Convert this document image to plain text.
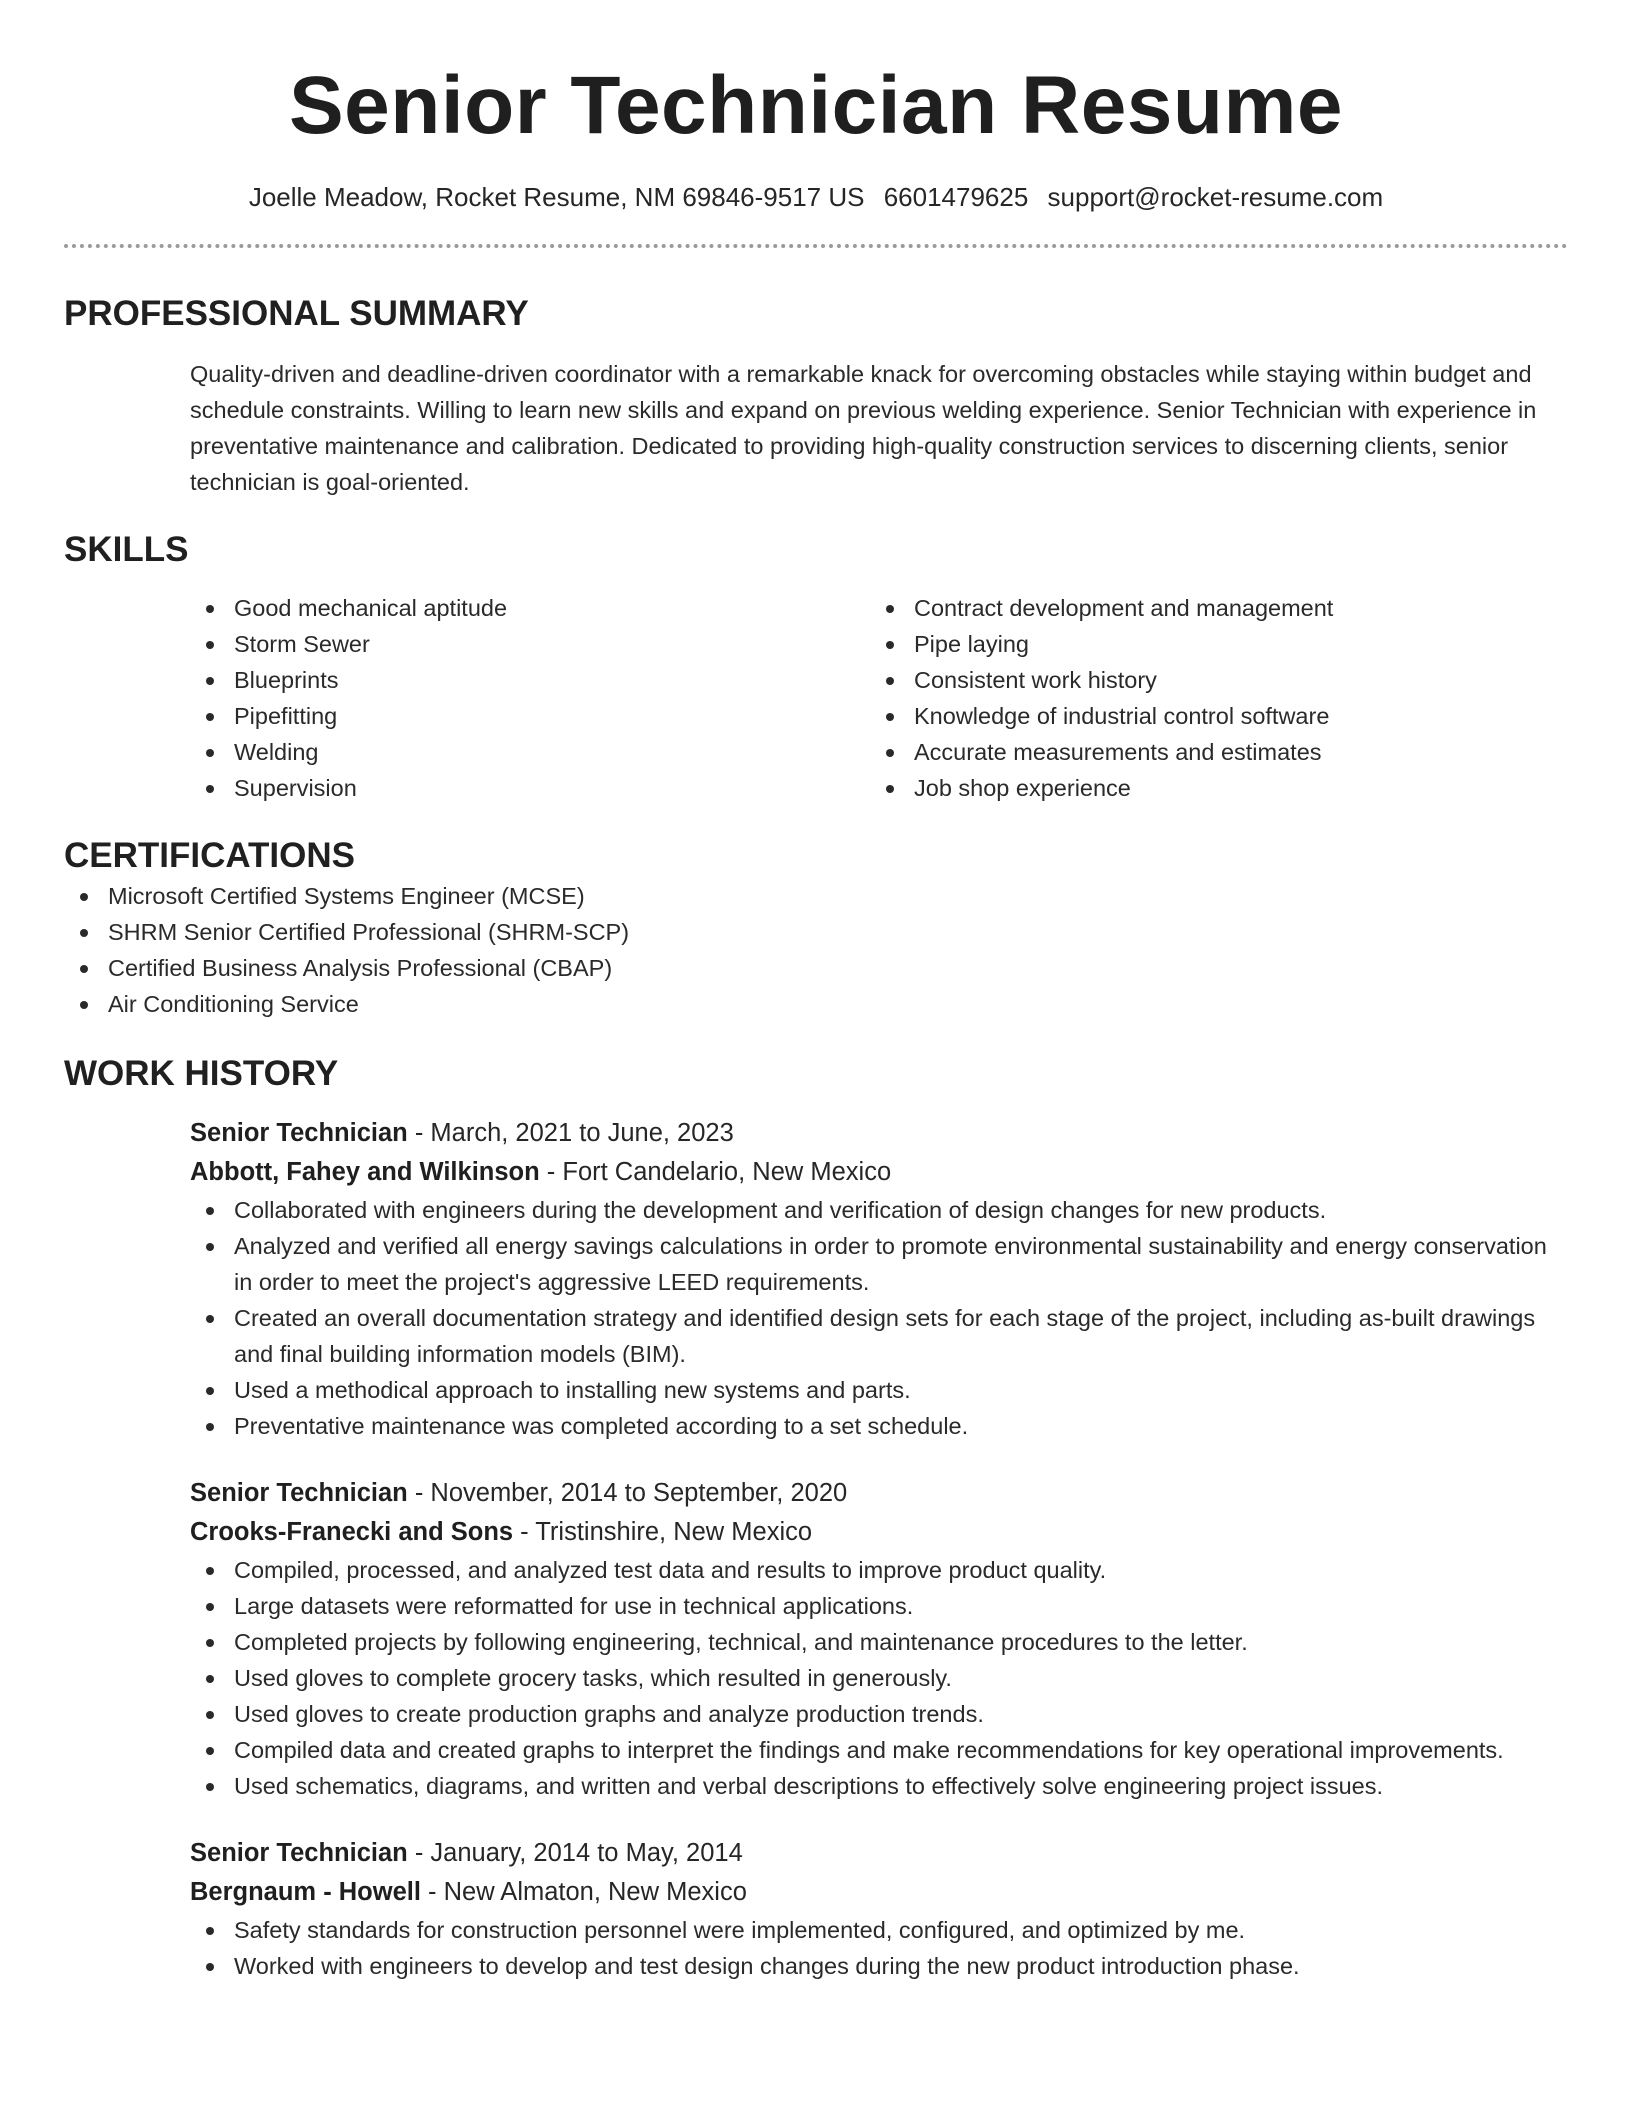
Senior Technician Resume
Joelle Meadow, Rocket Resume, NM 69846-9517 US 6601479625 support@rocket-resume.com
PROFESSIONAL SUMMARY

Quality-driven and deadline-driven coordinator with a remarkable knack for overcoming obstacles while staying within budget and schedule constraints. Willing to learn new skills and expand on previous welding experience. Senior Technician with experience in preventative maintenance and calibration. Dedicated to providing high-quality construction services to discerning clients, senior technician is goal-oriented.

SKILLS
Good mechanical aptitude
Storm Sewer
Blueprints
Pipefitting
Welding
Supervision
Contract development and management
Pipe laying
Consistent work history
Knowledge of industrial control software
Accurate measurements and estimates
Job shop experience
CERTIFICATIONS
Microsoft Certified Systems Engineer (MCSE)
SHRM Senior Certified Professional (SHRM-SCP)
Certified Business Analysis Professional (CBAP)
Air Conditioning Service
WORK HISTORY
Senior Technician - March, 2021 to June, 2023
Abbott, Fahey and Wilkinson - Fort Candelario, New Mexico
Collaborated with engineers during the development and verification of design changes for new products.
Analyzed and verified all energy savings calculations in order to promote environmental sustainability and energy conservation in order to meet the project's aggressive LEED requirements.
Created an overall documentation strategy and identified design sets for each stage of the project, including as-built drawings and final building information models (BIM).
Used a methodical approach to installing new systems and parts.
Preventative maintenance was completed according to a set schedule.
Senior Technician - November, 2014 to September, 2020
Crooks-Franecki and Sons - Tristinshire, New Mexico
Compiled, processed, and analyzed test data and results to improve product quality.
Large datasets were reformatted for use in technical applications.
Completed projects by following engineering, technical, and maintenance procedures to the letter.
Used gloves to complete grocery tasks, which resulted in generously.
Used gloves to create production graphs and analyze production trends.
Compiled data and created graphs to interpret the findings and make recommendations for key operational improvements.
Used schematics, diagrams, and written and verbal descriptions to effectively solve engineering project issues.
Senior Technician - January, 2014 to May, 2014
Bergnaum - Howell - New Almaton, New Mexico
Safety standards for construction personnel were implemented, configured, and optimized by me.
Worked with engineers to develop and test design changes during the new product introduction phase.
